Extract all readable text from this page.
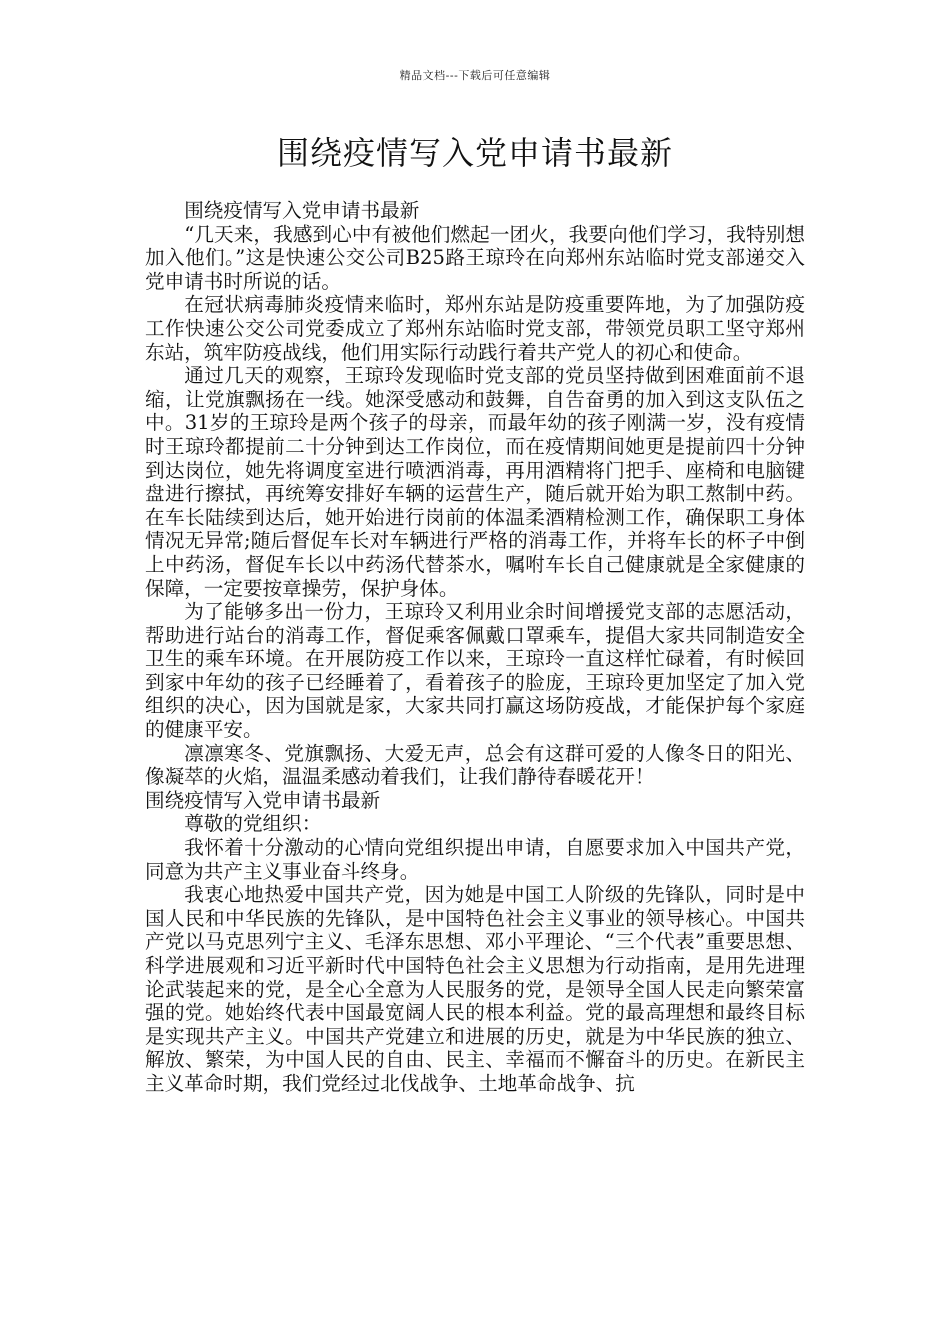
精品文档---下载后可任意编辑
围绕疫情写入党申请书最新

围绕疫情写入党申请书最新

“几天来，我感到心中有被他们燃起一团火，我要向他们学习，我特别想加入他们。”这是快速公交公司B25路王琼玲在向郑州东站临时党支部递交入党申请书时所说的话。

在冠状病毒肺炎疫情来临时，郑州东站是防疫重要阵地，为了加强防疫工作快速公交公司党委成立了郑州东站临时党支部，带领党员职工坚守郑州东站，筑牢防疫战线，他们用实际行动践行着共产党人的初心和使命。

通过几天的观察，王琼玲发现临时党支部的党员坚持做到困难面前不退缩，让党旗飘扬在一线。她深受感动和鼓舞，自告奋勇的加入到这支队伍之中。31岁的王琼玲是两个孩子的母亲，而最年幼的孩子刚满一岁，没有疫情时王琼玲都提前二十分钟到达工作岗位，而在疫情期间她更是提前四十分钟到达岗位，她先将调度室进行喷洒消毒，再用酒精将门把手、座椅和电脑键盘进行擦拭，再统筹安排好车辆的运营生产，随后就开始为职工熬制中药。在车长陆续到达后，她开始进行岗前的体温柔酒精检测工作，确保职工身体情况无异常;随后督促车长对车辆进行严格的消毒工作，并将车长的杯子中倒上中药汤，督促车长以中药汤代替茶水，嘱咐车长自己健康就是全家健康的保障，一定要按章操劳，保护身体。

为了能够多出一份力，王琼玲又利用业余时间增援党支部的志愿活动，帮助进行站台的消毒工作，督促乘客佩戴口罩乘车，提倡大家共同制造安全卫生的乘车环境。在开展防疫工作以来，王琼玲一直这样忙碌着，有时候回到家中年幼的孩子已经睡着了，看着孩子的脸庞，王琼玲更加坚定了加入党组织的决心，因为国就是家，大家共同打赢这场防疫战，才能保护每个家庭的健康平安。

凛凛寒冬、党旗飘扬、大爱无声，总会有这群可爱的人像冬日的阳光、像凝萃的火焰，温温柔感动着我们，让我们静待春暖花开！

围绕疫情写入党申请书最新

尊敬的党组织：

我怀着十分激动的心情向党组织提出申请，自愿要求加入中国共产党，同意为共产主义事业奋斗终身。

我衷心地热爱中国共产党，因为她是中国工人阶级的先锋队，同时是中国人民和中华民族的先锋队，是中国特色社会主义事业的领导核心。中国共产党以马克思列宁主义、毛泽东思想、邓小平理论、“三个代表”重要思想、科学进展观和习近平新时代中国特色社会主义思想为行动指南，是用先进理论武装起来的党，是全心全意为人民服务的党，是领导全国人民走向繁荣富强的党。她始终代表中国最宽阔人民的根本利益。党的最高理想和最终目标是实现共产主义。中国共产党建立和进展的历史，就是为中华民族的独立、解放、繁荣，为中国人民的自由、民主、幸福而不懈奋斗的历史。在新民主主义革命时期，我们党经过北伐战争、土地革命战争、抗
